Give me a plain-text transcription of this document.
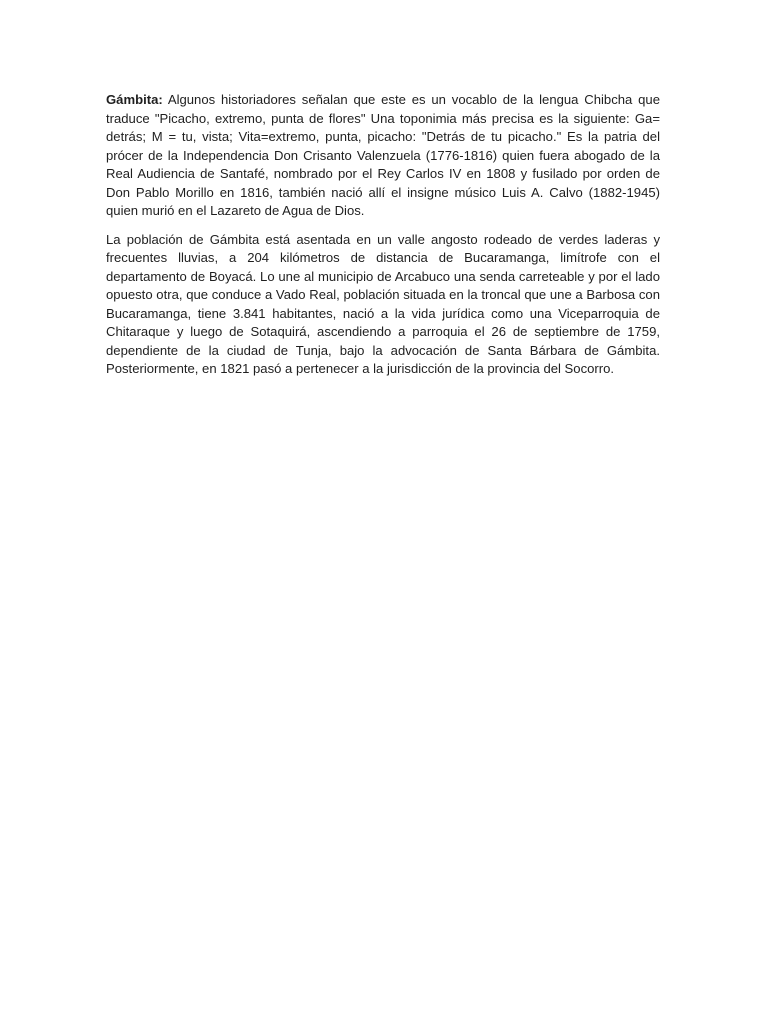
Gámbita: Algunos historiadores señalan que este es un vocablo de la lengua Chibcha que traduce "Picacho, extremo, punta de flores" Una toponimia más precisa es la siguiente: Ga= detrás; M = tu, vista; Vita=extremo, punta, picacho: "Detrás de tu picacho." Es la patria del prócer de la Independencia Don Crisanto Valenzuela (1776-1816) quien fuera abogado de la Real Audiencia de Santafé, nombrado por el Rey Carlos IV en 1808 y fusilado por orden de Don Pablo Morillo en 1816, también nació allí el insigne músico Luis A. Calvo (1882-1945) quien murió en el Lazareto de Agua de Dios.

La población de Gámbita está asentada en un valle angosto rodeado de verdes laderas y frecuentes lluvias, a 204 kilómetros de distancia de Bucaramanga, limítrofe con el departamento de Boyacá. Lo une al municipio de Arcabuco una senda carreteable y por el lado opuesto otra, que conduce a Vado Real, población situada en la troncal que une a Barbosa con Bucaramanga, tiene 3.841 habitantes, nació a la vida jurídica como una Viceparroquia de Chitaraque y luego de Sotaquirá, ascendiendo a parroquia el 26 de septiembre de 1759, dependiente de la ciudad de Tunja, bajo la advocación de Santa Bárbara de Gámbita. Posteriormente, en 1821 pasó a pertenecer a la jurisdicción de la provincia del Socorro.
